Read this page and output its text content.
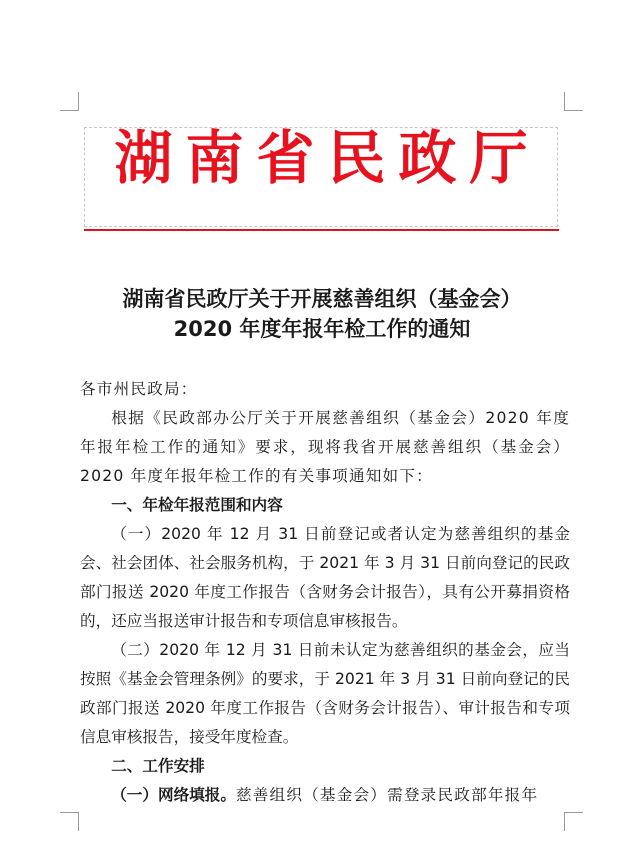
湖南省民政厅
湖南省民政厅关于开展慈善组织（基金会）
2020 年度年报年检工作的通知

各市州民政局：

根据《民政部办公厅关于开展慈善组织（基金会）2020 年度年报年检工作的通知》要求，现将我省开展慈善组织（基金会）2020 年度年报年检工作的有关事项通知如下：

一、年检年报范围和内容

（一）2020 年 12 月 31 日前登记或者认定为慈善组织的基金会、社会团体、社会服务机构，于 2021 年 3 月 31 日前向登记的民政部门报送 2020 年度工作报告（含财务会计报告），具有公开募捐资格的，还应当报送审计报告和专项信息审核报告。

（二）2020 年 12 月 31 日前未认定为慈善组织的基金会，应当按照《基金会管理条例》的要求，于 2021 年 3 月 31 日前向登记的民政部门报送 2020 年度工作报告（含财务会计报告）、审计报告和专项信息审核报告，接受年度检查。

二、工作安排

（一）网络填报。慈善组织（基金会）需登录民政部年报年
